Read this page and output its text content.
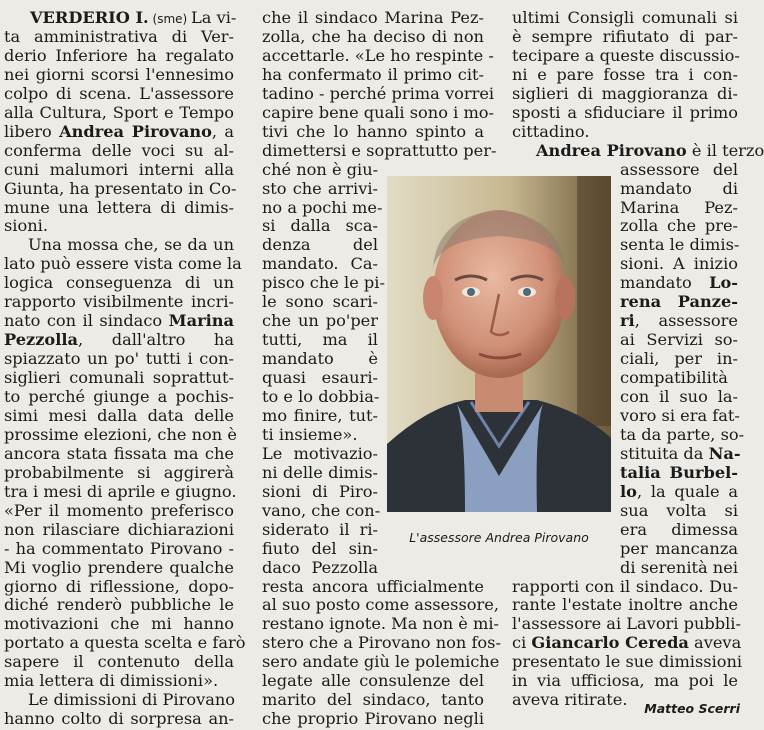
L'assessore Andrea Pirovano
Matteo Scerri
VERDERIO I. (sme) La vi-
ta amministrativa di Ver-
derio Inferiore ha regalato
nei giorni scorsi l'ennesimo
colpo di scena. L'assessore
alla Cultura, Sport e Tempo
libero Andrea Pirovano, a
conferma delle voci su al-
cuni malumori interni alla
Giunta, ha presentato in Co-
mune una lettera di dimis-
sioni.
Una mossa che, se da un
lato può essere vista come la
logica conseguenza di un
rapporto visibilmente incri-
nato con il sindaco Marina
Pezzolla, dall'altro ha
spiazzato un po' tutti i con-
siglieri comunali soprattut-
to perché giunge a pochis-
simi mesi dalla data delle
prossime elezioni, che non è
ancora stata fissata ma che
probabilmente si aggirerà
tra i mesi di aprile e giugno.
«Per il momento preferisco
non rilasciare dichiarazioni
- ha commentato Pirovano -
Mi voglio prendere qualche
giorno di riflessione, dopo-
diché renderò pubbliche le
motivazioni che mi hanno
portato a questa scelta e farò
sapere il contenuto della
mia lettera di dimissioni».
Le dimissioni di Pirovano
hanno colto di sorpresa an-
che il sindaco Marina Pez-
zolla, che ha deciso di non
accettarle. «Le ho respinte -
ha confermato il primo cit-
tadino - perché prima vorrei
capire bene quali sono i mo-
tivi che lo hanno spinto a
dimettersi e soprattutto per-
ché non è giu-
sto che arrivi-
no a pochi me-
si dalla sca-
denza del
mandato. Ca-
pisco che le pi-
le sono scari-
che un po'per
tutti, ma il
mandato è
quasi esauri-
to e lo dobbia-
mo finire, tut-
ti insieme».
Le motivazio-
ni delle dimis-
sioni di Piro-
vano, che con-
siderato il ri-
fiuto del sin-
daco Pezzolla
resta ancora ufficialmente
al suo posto come assessore,
restano ignote. Ma non è mi-
stero che a Pirovano non fos-
sero andate giù le polemiche
legate alle consulenze del
marito del sindaco, tanto
che proprio Pirovano negli
ultimi Consigli comunali si
è sempre rifiutato di par-
tecipare a queste discussio-
ni e pare fosse tra i con-
siglieri di maggioranza di-
sposti a sfiduciare il primo
cittadino.
Andrea Pirovano è il terzo
assessore del
mandato di
Marina Pez-
zolla che pre-
senta le dimis-
sioni. A inizio
mandato Lo-
rena Panze-
ri, assessore
ai Servizi so-
ciali, per in-
compatibilità
con il suo la-
voro si era fat-
ta da parte, so-
stituita da Na-
talia Burbel-
lo, la quale a
sua volta si
era dimessa
per mancanza
di serenità nei
rapporti con il sindaco. Du-
rante l'estate inoltre anche
l'assessore ai Lavori pubbli-
ci Giancarlo Cereda aveva
presentato le sue dimissioni
in via ufficiosa, ma poi le
aveva ritirate.
